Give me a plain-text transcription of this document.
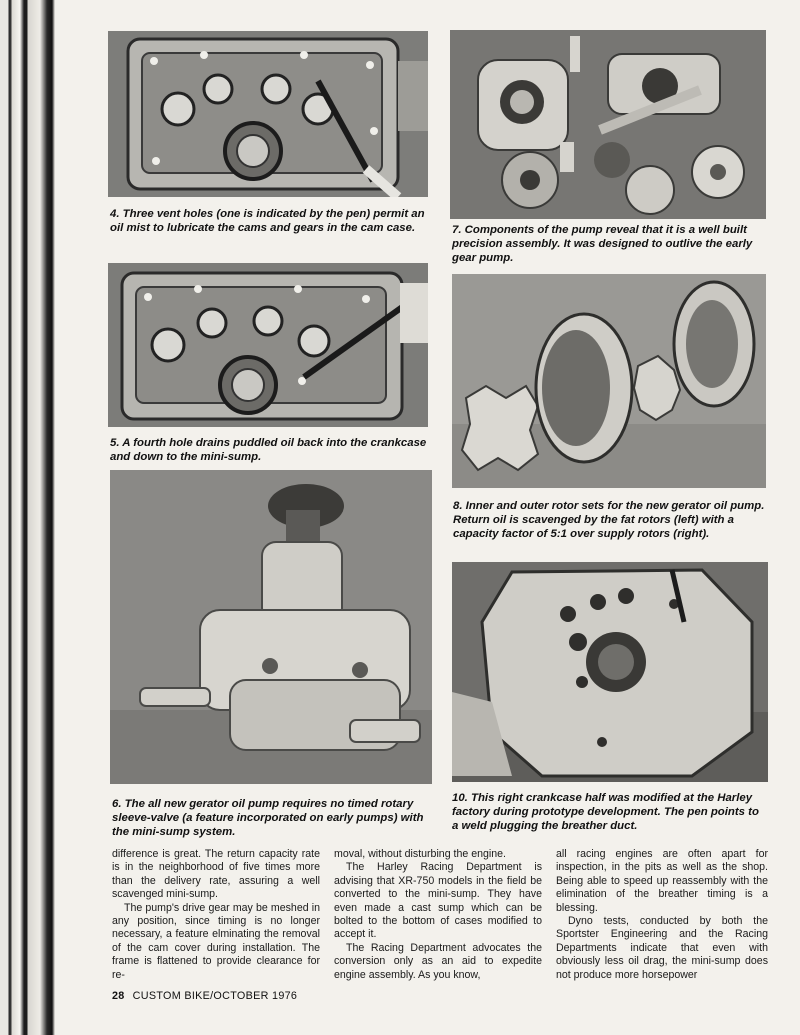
4. Three vent holes (one is indicated by the pen) permit an oil mist to lubricate the cams and gears in the cam case.
5. A fourth hole drains puddled oil back into the crankcase and down to the mini-sump.
6. The all new gerator oil pump requires no timed rotary sleeve-valve (a feature incorporated on early pumps) with the mini-sump system.
7. Components of the pump reveal that it is a well built precision assembly. It was designed to outlive the early gear pump.
8. Inner and outer rotor sets for the new gerator oil pump. Return oil is scavenged by the fat rotors (left) with a capacity factor of 5:1 over supply rotors (right).
10. This right crankcase half was modified at the Harley factory during prototype development. The pen points to a weld plugging the breather duct.

difference is great. The return capacity rate is in the neighborhood of five times more than the delivery rate, assuring a well scavenged mini-sump.

The pump's drive gear may be meshed in any position, since timing is no longer necessary, a feature elminating the removal of the cam cover during installation. The frame is flattened to provide clearance for re-

moval, without disturbing the engine.

The Harley Racing Department is advising that XR-750 models in the field be converted to the mini-sump. They have even made a cast sump which can be bolted to the bottom of cases modified to accept it.

The Racing Department advocates the conversion only as an aid to expedite engine assembly. As you know,

all racing engines are often apart for inspection, in the pits as well as the shop. Being able to speed up reassembly with the elimination of the breather timing is a blessing.

Dyno tests, conducted by both the Sportster Engineering and the Racing Departments indicate that even with obviously less oil drag, the mini-sump does not produce more horsepower

28 CUSTOM BIKE/OCTOBER 1976
